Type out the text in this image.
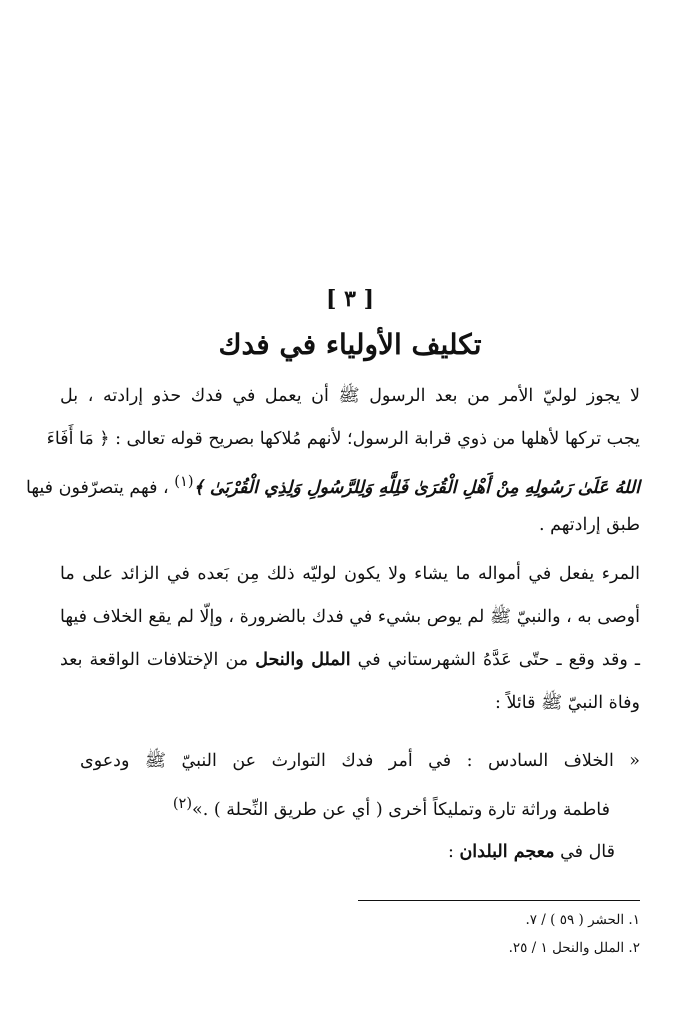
[ ٣ ]
تكليف الأولياء في فدك
لا يجوز لوليّ الأمر من بعد الرسول ﷺ أن يعمل في فدك حذو إرادته ، بل
يجب تركها لأهلها من ذوي قرابة الرسول؛ لأنهم مُلاكها بصريح قوله تعالى : ﴿ مَا أَفَاءَ
اللهُ عَلَىٰ رَسُولِهِ مِنْ أَهْلِ الْقُرَىٰ فَلِلَّهِ وَلِلرَّسُولِ وَلِذِي الْقُرْبَىٰ ﴾$^{(١)}$ ، فهم يتصرّفون فيها
طبق إرادتهم .
المرء يفعل في أمواله ما يشاء ولا يكون لوليّه ذلك مِن بَعده في الزائد على ما
أوصى به ، والنبيّ ﷺ لم يوص بشيء في فدك بالضرورة ، وإلّا لم يقع الخلاف فيها
ـ وقد وقع ـ حتّى عَدَّهُ الشهرستاني في الملل والنحل من الإختلافات الواقعة بعد
وفاة النبيّ ﷺ قائلاً :
« الخلاف السادس : في أمر فدك التوارث عن النبيّ ﷺ ودعوى
فاطمة وراثة تارة وتمليكاً أخرى ( أي عن طريق النِّحلة ) .»$^{(٢)}$
قال في معجم البلدان :
١. الحشر ( ٥٩ ) / ٧.
٢. الملل والنحل ١ / ٢٥.
